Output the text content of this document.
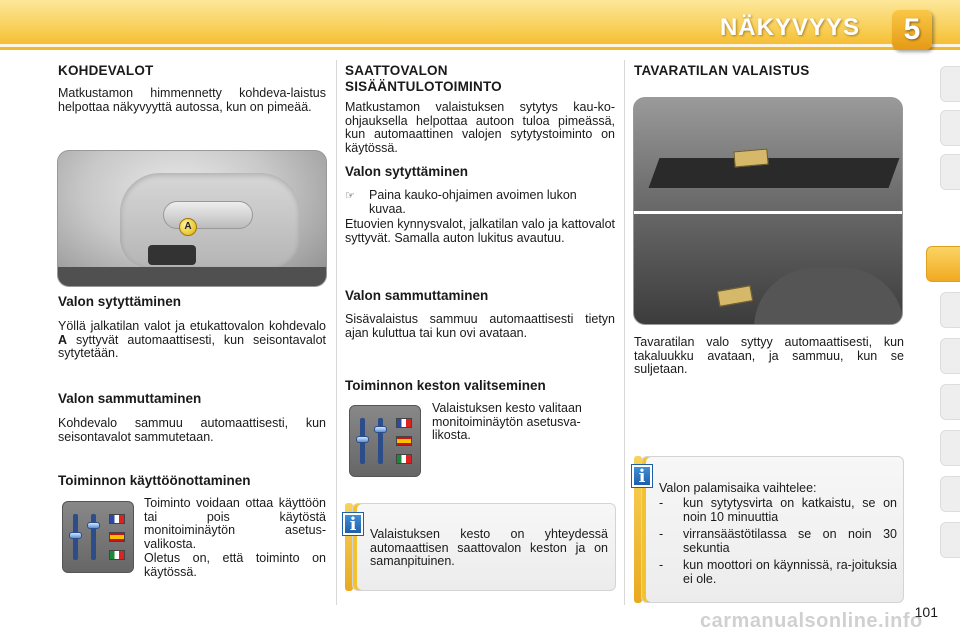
NÄKYVYYS	5
KOHDEVALOT
Matkustamon himmennetty kohdeva-laistus helpottaa näkyvyyttä autossa, kun on pimeää.
A
Valon sytyttäminen
Yöllä jalkatilan valot ja etukattovalon kohdevalo A syttyvät automaattisesti, kun seisontavalot sytytetään.
Valon sammuttaminen
Kohdevalo sammuu automaattisesti, kun seisontavalot sammutetaan.
Toiminnon käyttöönottaminen
Toiminto voidaan ottaa käyttöön tai pois käytöstä monitoiminäytön asetus-valikosta.
Oletus on, että toiminto on käytössä.
SAATTOVALON
SISÄÄNTULOTOIMINTO
Matkustamon valaistuksen sytytys kau-ko-ohjauksella helpottaa autoon tuloa pimeässä, kun automaattinen valojen sytytystoiminto on käytössä.
Valon sytyttäminen
☞	Paina kauko-ohjaimen avoimen lukon kuvaa.
Etuovien kynnysvalot, jalkatilan valo ja kattovalot syttyvät. Samalla auton lukitus avautuu.
Valon sammuttaminen
Sisävalaistus sammuu automaattisesti tietyn ajan kuluttua tai kun ovi avataan.
Toiminnon keston valitseminen
Valaistuksen kesto valitaan monitoiminäytön asetusva-likosta.
i	Valaistuksen kesto on yhteydessä automaattisen saattovalon keston ja on samanpituinen.
TAVARATILAN VALAISTUS
Tavaratilan valo syttyy automaattisesti, kun takaluukku avataan, ja sammuu, kun se suljetaan.
i
Valon palamisaika vaihtelee:
-	kun sytytysvirta on katkaistu, se on noin 10 minuuttia
-	virransäästötilassa se on noin 30 sekuntia
-	kun moottori on käynnissä, ra-joituksia ei ole.
101
carmanualsonline.info
